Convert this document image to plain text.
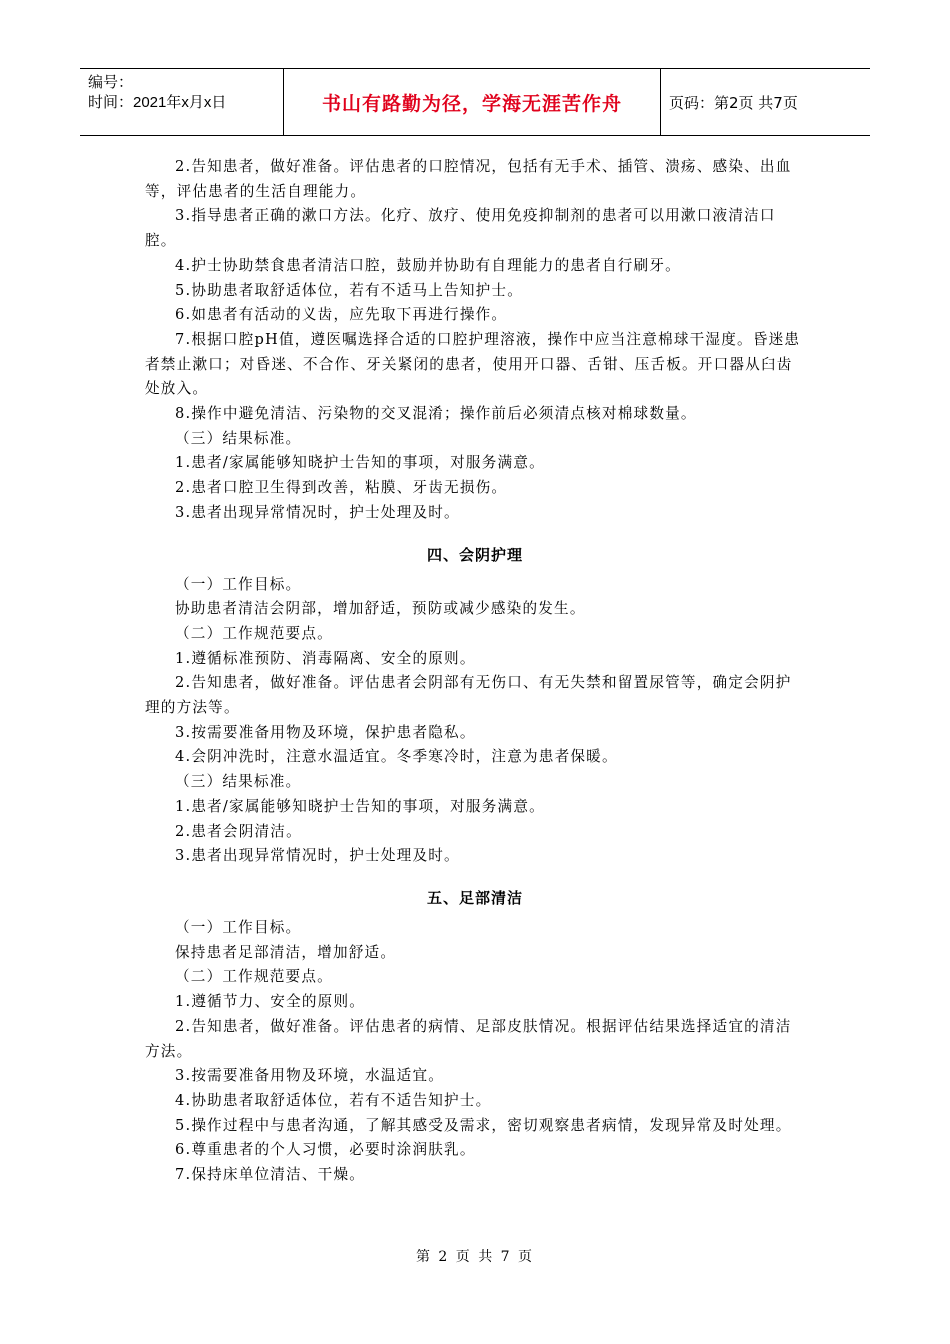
编号：
时间：2021年x月x日	书山有路勤为径，学海无涯苦作舟	页码：第2页 共7页

2.告知患者，做好准备。评估患者的口腔情况，包括有无手术、插管、溃疡、感染、出血等，评估患者的生活自理能力。

3.指导患者正确的漱口方法。化疗、放疗、使用免疫抑制剂的患者可以用漱口液清洁口腔。

4.护士协助禁食患者清洁口腔，鼓励并协助有自理能力的患者自行刷牙。

5.协助患者取舒适体位，若有不适马上告知护士。

6.如患者有活动的义齿，应先取下再进行操作。

7.根据口腔pH值，遵医嘱选择合适的口腔护理溶液，操作中应当注意棉球干湿度。昏迷患者禁止漱口；对昏迷、不合作、牙关紧闭的患者，使用开口器、舌钳、压舌板。开口器从臼齿处放入。

8.操作中避免清洁、污染物的交叉混淆；操作前后必须清点核对棉球数量。

（三）结果标准。

1.患者/家属能够知晓护士告知的事项，对服务满意。

2.患者口腔卫生得到改善，粘膜、牙齿无损伤。

3.患者出现异常情况时，护士处理及时。

四、会阴护理

（一）工作目标。

协助患者清洁会阴部，增加舒适，预防或减少感染的发生。

（二）工作规范要点。

1.遵循标准预防、消毒隔离、安全的原则。

2.告知患者，做好准备。评估患者会阴部有无伤口、有无失禁和留置尿管等，确定会阴护理的方法等。

3.按需要准备用物及环境，保护患者隐私。

4.会阴冲洗时，注意水温适宜。冬季寒冷时，注意为患者保暖。

（三）结果标准。

1.患者/家属能够知晓护士告知的事项，对服务满意。

2.患者会阴清洁。

3.患者出现异常情况时，护士处理及时。

五、足部清洁

（一）工作目标。

保持患者足部清洁，增加舒适。

（二）工作规范要点。

1.遵循节力、安全的原则。

2.告知患者，做好准备。评估患者的病情、足部皮肤情况。根据评估结果选择适宜的清洁方法。

3.按需要准备用物及环境，水温适宜。

4.协助患者取舒适体位，若有不适告知护士。

5.操作过程中与患者沟通，了解其感受及需求，密切观察患者病情，发现异常及时处理。

6.尊重患者的个人习惯，必要时涂润肤乳。

7.保持床单位清洁、干燥。

第 2 页 共 7 页
